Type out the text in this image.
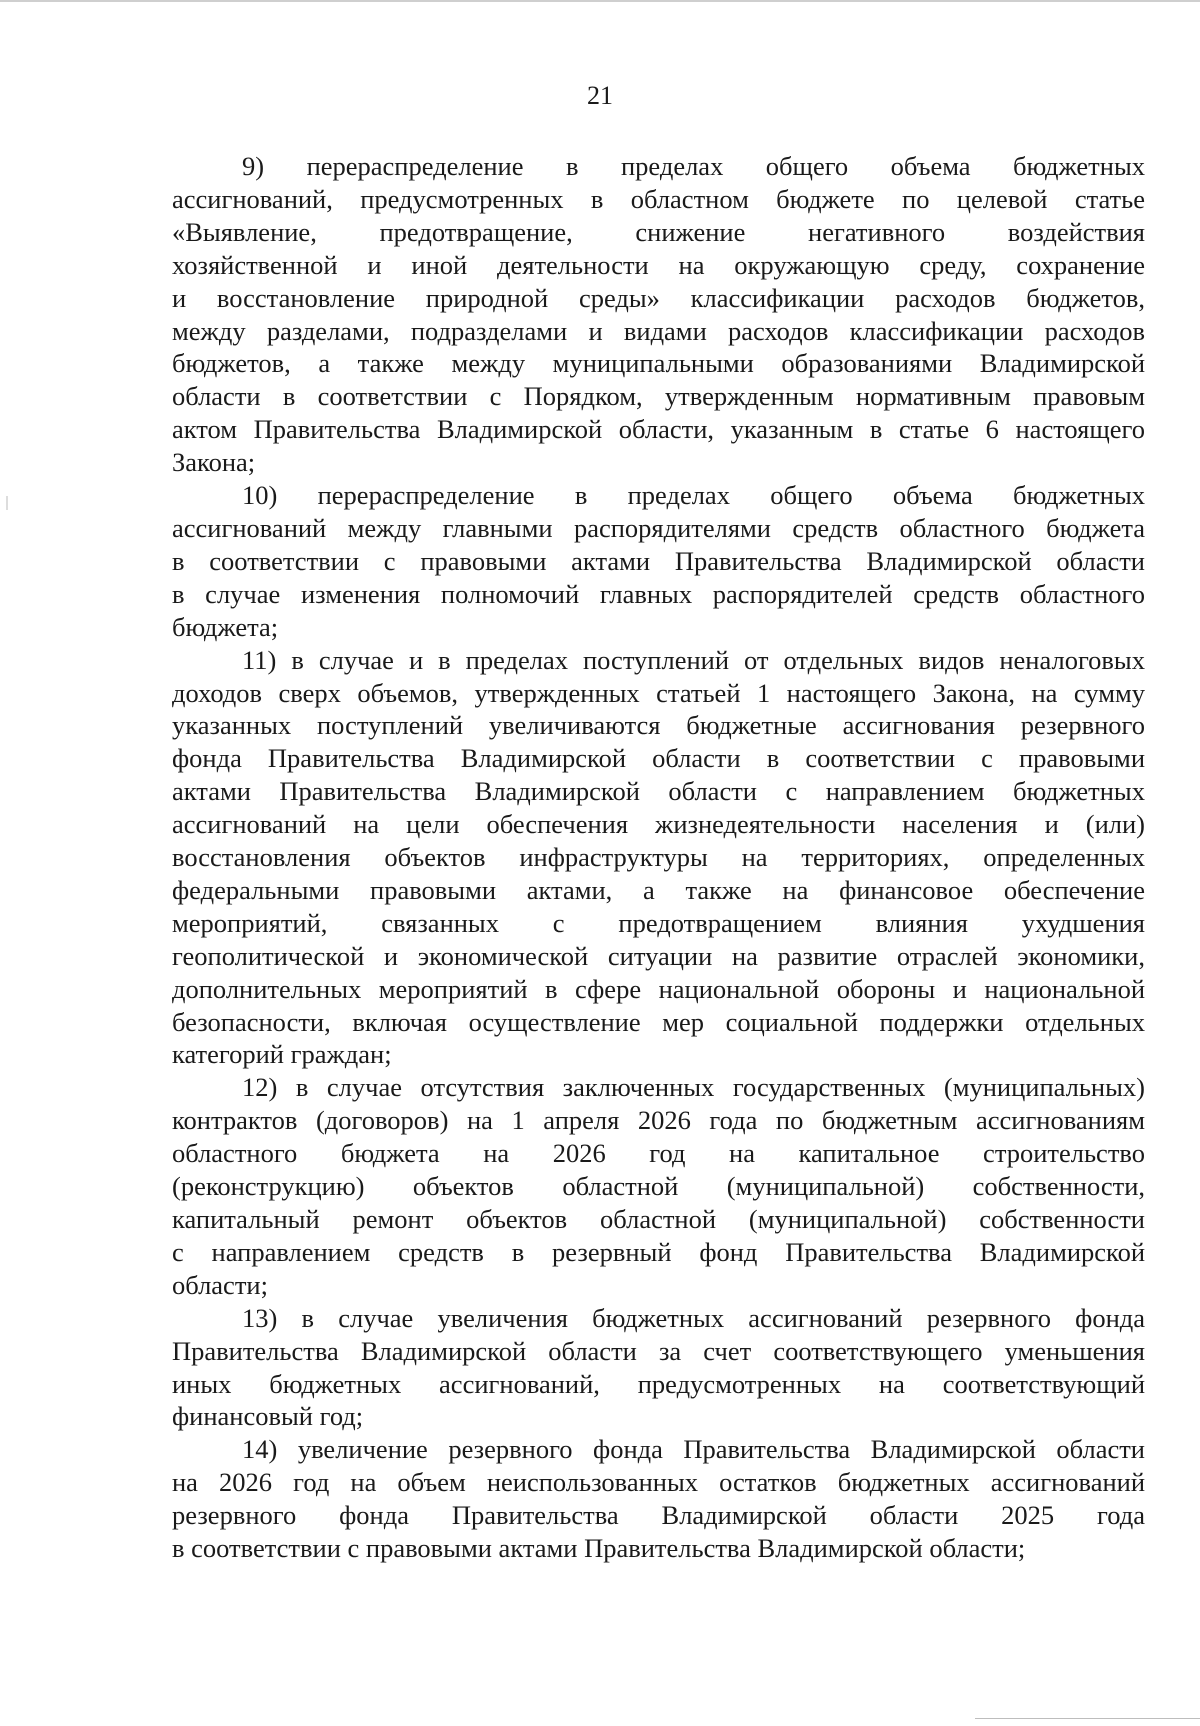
21

9) перераспределение в пределах общего объема бюджетных
ассигнований, предусмотренных в областном бюджете по целевой статье
«Выявление, предотвращение, снижение негативного воздействия
хозяйственной и иной деятельности на окружающую среду, сохранение
и восстановление природной среды» классификации расходов бюджетов,
между разделами, подразделами и видами расходов классификации расходов
бюджетов, а также между муниципальными образованиями Владимирской
области в соответствии с Порядком, утвержденным нормативным правовым
актом Правительства Владимирской области, указанным в статье 6 настоящего
Закона;

10) перераспределение в пределах общего объема бюджетных
ассигнований между главными распорядителями средств областного бюджета
в соответствии с правовыми актами Правительства Владимирской области
в случае изменения полномочий главных распорядителей средств областного
бюджета;

11) в случае и в пределах поступлений от отдельных видов неналоговых
доходов сверх объемов, утвержденных статьей 1 настоящего Закона, на сумму
указанных поступлений увеличиваются бюджетные ассигнования резервного
фонда Правительства Владимирской области в соответствии с правовыми
актами Правительства Владимирской области с направлением бюджетных
ассигнований на цели обеспечения жизнедеятельности населения и (или)
восстановления объектов инфраструктуры на территориях, определенных
федеральными правовыми актами, а также на финансовое обеспечение
мероприятий, связанных с предотвращением влияния ухудшения
геополитической и экономической ситуации на развитие отраслей экономики,
дополнительных мероприятий в сфере национальной обороны и национальной
безопасности, включая осуществление мер социальной поддержки отдельных
категорий граждан;

12) в случае отсутствия заключенных государственных (муниципальных)
контрактов (договоров) на 1 апреля 2026 года по бюджетным ассигнованиям
областного бюджета на 2026 год на капитальное строительство
(реконструкцию) объектов областной (муниципальной) собственности,
капитальный ремонт объектов областной (муниципальной) собственности
с направлением средств в резервный фонд Правительства Владимирской
области;

13) в случае увеличения бюджетных ассигнований резервного фонда
Правительства Владимирской области за счет соответствующего уменьшения
иных бюджетных ассигнований, предусмотренных на соответствующий
финансовый год;

14) увеличение резервного фонда Правительства Владимирской области
на 2026 год на объем неиспользованных остатков бюджетных ассигнований
резервного фонда Правительства Владимирской области 2025 года
в соответствии с правовыми актами Правительства Владимирской области;
